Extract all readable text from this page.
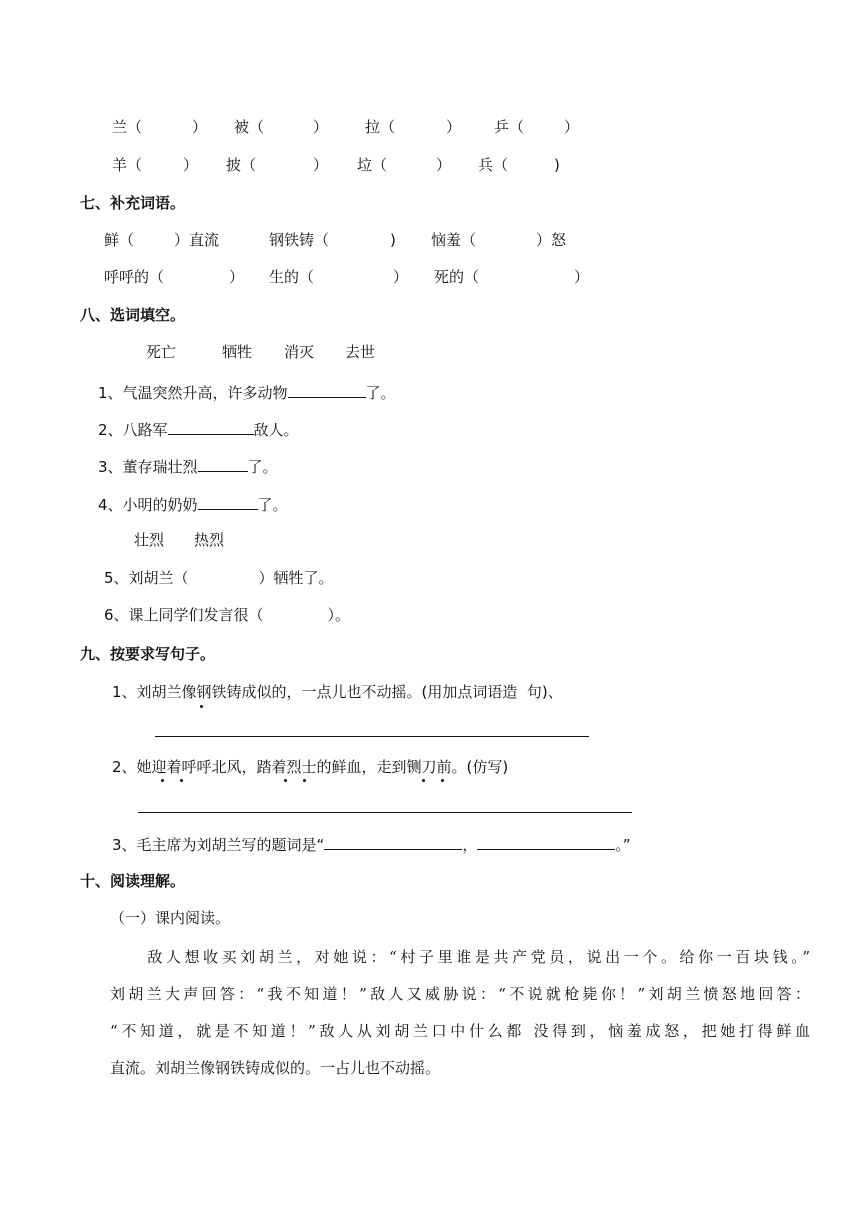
兰（	） 被（	） 拉（	） 乒（	）
羊（	） 披（	） 垃（	） 兵（	)
七、补充词语。
鲜（	）直流	钢铁铸（	) 恼羞（	）怒
呼呼的（	） 生的（	） 死的（	）
八、选词填空。
死亡	牺牲 消灭 去世
1、气温突然升高，许多动物	了。
2、八路军	敌人。
3、董存瑞壮烈	了。
4、小明的奶奶	了。
壮烈 热烈
5、刘胡兰（	）牺牲了。
6、课上同学们发言很（	）。
九、按要求写句子。
1、刘胡兰像钢铁铸成似的，一点儿也不动摇。(用加点词语造  句)、
2、她迎着呼呼北风，踏着烈士的鲜血，走到铡刀前。(仿写)
3、毛主席为刘胡兰写的题词是“	，	。”
十、阅读理解。
（一）课内阅读。
　　敌人想收买刘胡兰，对她说：“村子里谁是共产党员，说出一个。给你一百块钱。”
刘胡兰大声回答：“我不知道！”敌人又威胁说：“不说就枪毙你！”刘胡兰愤怒地回答：
“不知道，就是不知道！”敌人从刘胡兰口中什么都 没得到，恼羞成怒，把她打得鲜血
直流。刘胡兰像钢铁铸成似的。一占儿也不动摇。
